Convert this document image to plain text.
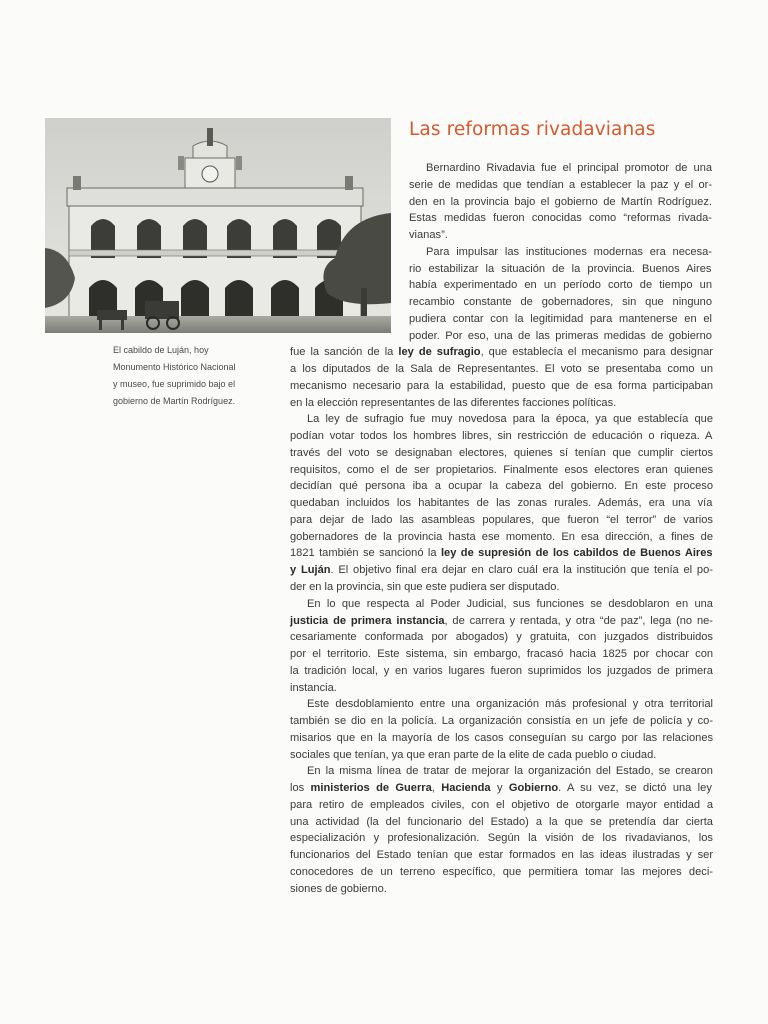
El cabildo de Luján, hoy
Monumento Histórico Nacional
y museo, fue suprimido bajo el
gobierno de Martín Rodríguez.
Las reformas rivadavianas
Bernardino Rivadavia fue el principal promotor de una
serie de medidas que tendían a establecer la paz y el or-
den en la provincia bajo el gobierno de Martín Rodríguez.
Estas medidas fueron conocidas como “reformas rivada-
vianas”.
Para impulsar las instituciones modernas era necesa-
rio estabilizar la situación de la provincia. Buenos Aires
había experimentado en un período corto de tiempo un
recambio constante de gobernadores, sin que ninguno
pudiera contar con la legitimidad para mantenerse en el
poder. Por eso, una de las primeras medidas de gobierno
fue la sanción de la ley de sufragio, que establecía el mecanismo para designar
a los diputados de la Sala de Representantes. El voto se presentaba como un
mecanismo necesario para la estabilidad, puesto que de esa forma participaban
en la elección representantes de las diferentes facciones políticas.
La ley de sufragio fue muy novedosa para la época, ya que establecía que
podían votar todos los hombres libres, sin restricción de educación o riqueza. A
través del voto se designaban electores, quienes sí tenían que cumplir ciertos
requisitos, como el de ser propietarios. Finalmente esos electores eran quienes
decidían qué persona iba a ocupar la cabeza del gobierno. En este proceso
quedaban incluidos los habitantes de las zonas rurales. Además, era una vía
para dejar de lado las asambleas populares, que fueron “el terror” de varios
gobernadores de la provincia hasta ese momento. En esa dirección, a fines de
1821 también se sancionó la ley de supresión de los cabildos de Buenos Aires
y Luján. El objetivo final era dejar en claro cuál era la institución que tenía el po-
der en la provincia, sin que este pudiera ser disputado.
En lo que respecta al Poder Judicial, sus funciones se desdoblaron en una
justicia de primera instancia, de carrera y rentada, y otra “de paz”, lega (no ne-
cesariamente conformada por abogados) y gratuita, con juzgados distribuidos
por el territorio. Este sistema, sin embargo, fracasó hacia 1825 por chocar con
la tradición local, y en varios lugares fueron suprimidos los juzgados de primera
instancia.
Este desdoblamiento entre una organización más profesional y otra territorial
también se dio en la policía. La organización consistía en un jefe de policía y co-
misarios que en la mayoría de los casos conseguían su cargo por las relaciones
sociales que tenían, ya que eran parte de la elite de cada pueblo o ciudad.
En la misma línea de tratar de mejorar la organización del Estado, se crearon
los ministerios de Guerra, Hacienda y Gobierno. A su vez, se dictó una ley
para retiro de empleados civiles, con el objetivo de otorgarle mayor entidad a
una actividad (la del funcionario del Estado) a la que se pretendía dar cierta
especialización y profesionalización. Según la visión de los rivadavianos, los
funcionarios del Estado tenían que estar formados en las ideas ilustradas y ser
conocedores de un terreno específico, que permitiera tomar las mejores deci-
siones de gobierno.
